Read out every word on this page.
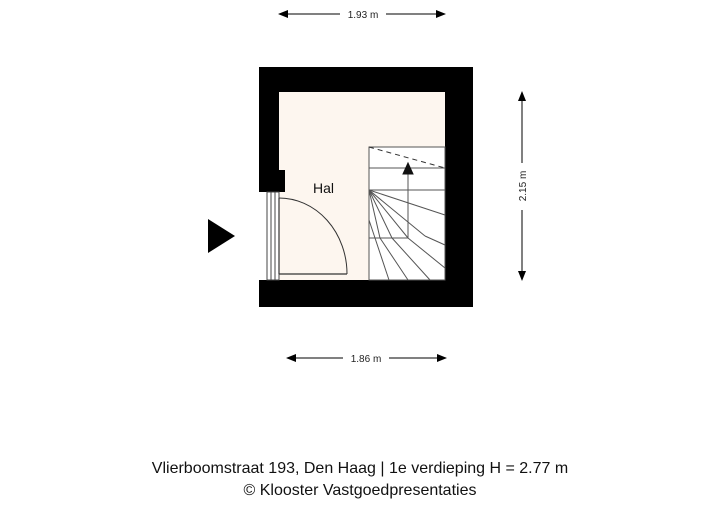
1.93 m
2.15 m
1.86 m
Hal
Vlierboomstraat 193, Den Haag | 1e verdieping H = 2.77 m
© Klooster Vastgoedpresentaties
